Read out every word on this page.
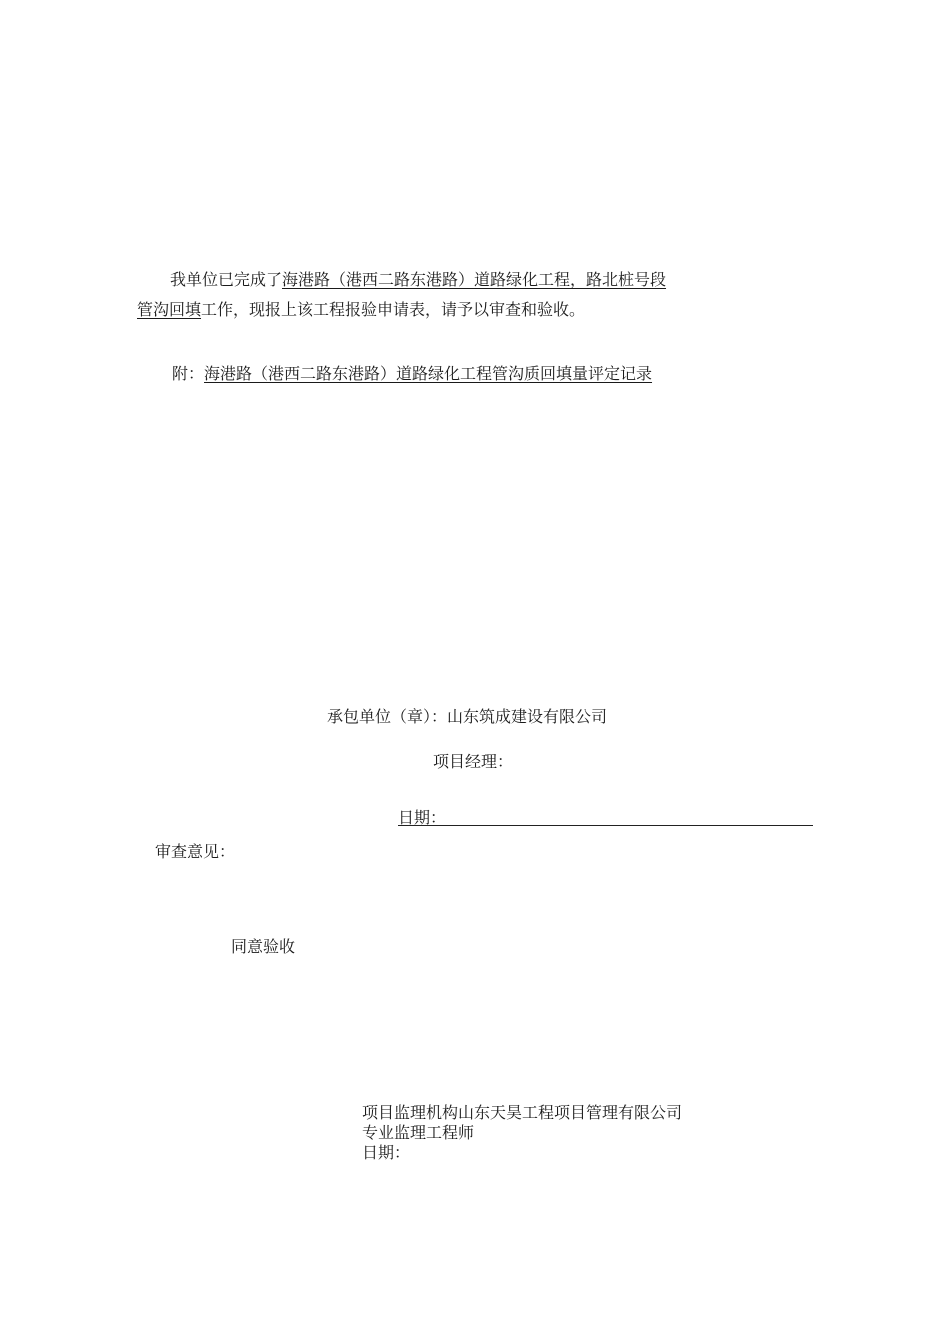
我单位已完成了海港路（港西二路东港路）道路绿化工程，路北桩号段
管沟回填工作，现报上该工程报验申请表，请予以审查和验收。
附：海港路（港西二路东港路）道路绿化工程管沟质回填量评定记录
承包单位（章）：山东筑成建设有限公司
项目经理：
日期：
审查意见：
同意验收
项目监理机构山东天昊工程项目管理有限公司
专业监理工程师
日期：
